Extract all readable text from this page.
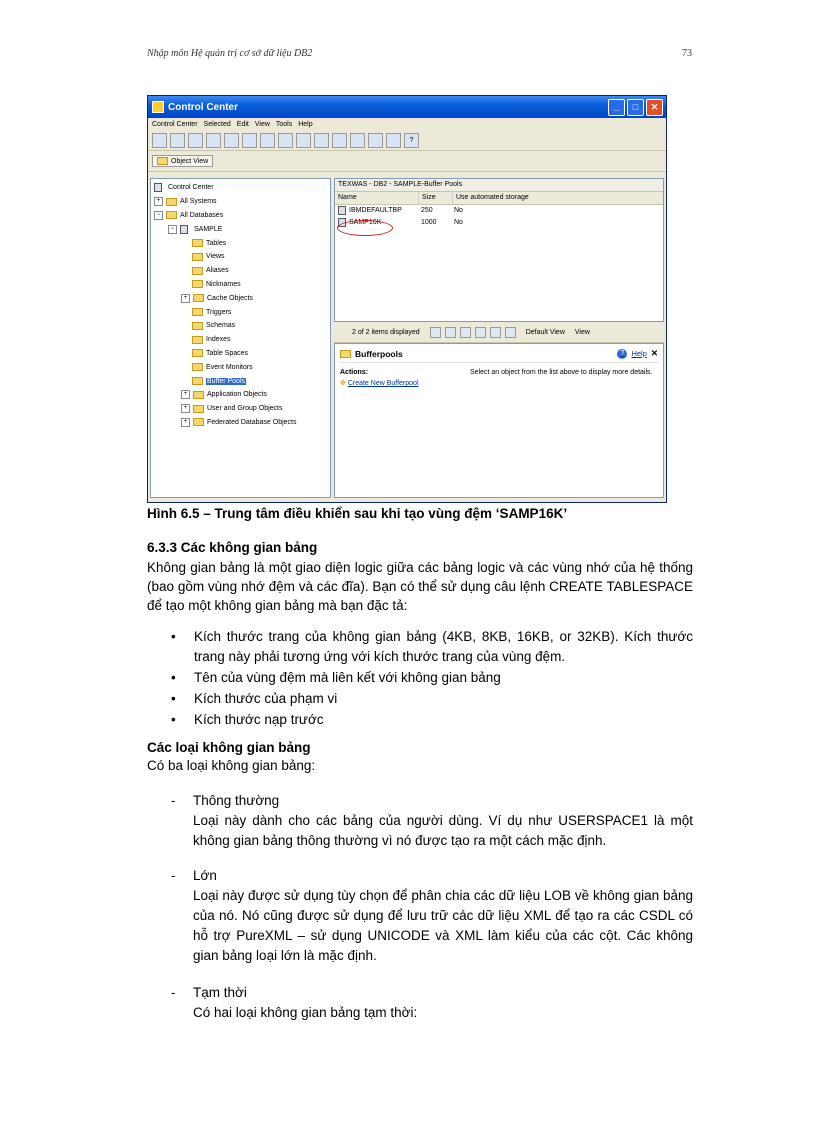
Nhập môn Hệ quản trị cơ sở dữ liệu DB2	73
Control Center	_	□	✕
Control Center Selected Edit View Tools Help
?
Object View
Control Center
+	All Systems
−	All Databases
−	SAMPLE
Tables
Views
Aliases
Nicknames
+	Cache Objects
Triggers
Schemas
Indexes
Table Spaces
Event Monitors
Buffer Pools
+	Application Objects
+	User and Group Objects
+	Federated Database Objects
TEXWAS - DB2 - SAMPLE-Buffer Pools
Name	Size	Use automated storage
IBMDEFAULTBP	250	No
SAMP16K	1000	No
2 of 2 items displayed	Default View View
Bufferpools	? Help ✕
Actions:
✥ Create New Bufferpool
Select an object from the list above to display more details.
Hình 6.5 – Trung tâm điều khiển sau khi tạo vùng đệm ‘SAMP16K’
6.3.3 Các không gian bảng
Không gian bảng là một giao diện logic giữa các bảng logic và các vùng nhớ của hệ thống (bao gồm vùng nhớ đệm và các đĩa). Bạn có thể sử dụng câu lệnh CREATE TABLESPACE để tạo một không gian bảng mà bạn đặc tả:
• Kích thước trang của không gian bảng (4KB, 8KB, 16KB, or 32KB). Kích thước trang này phải tương ứng với kích thước trang của vùng đệm.
• Tên của vùng đệm mà liên kết với không gian bảng
• Kích thước của phạm vi
• Kích thước nạp trước
Các loại không gian bảng
Có ba loại không gian bảng:
-	Thông thường
Loại này dành cho các bảng của người dùng. Ví dụ như USERSPACE1 là một không gian bảng thông thường vì nó được tạo ra một cách mặc định.
-	Lớn
Loại này được sử dụng tùy chọn để phân chia các dữ liệu LOB về không gian bảng của nó. Nó cũng được sử dụng để lưu trữ các dữ liệu XML để tạo ra các CSDL có hỗ trợ PureXML – sử dụng UNICODE và XML làm kiểu của các cột. Các không gian bảng loại lớn là mặc định.
-	Tạm thời
Có hai loại không gian bảng tạm thời:
